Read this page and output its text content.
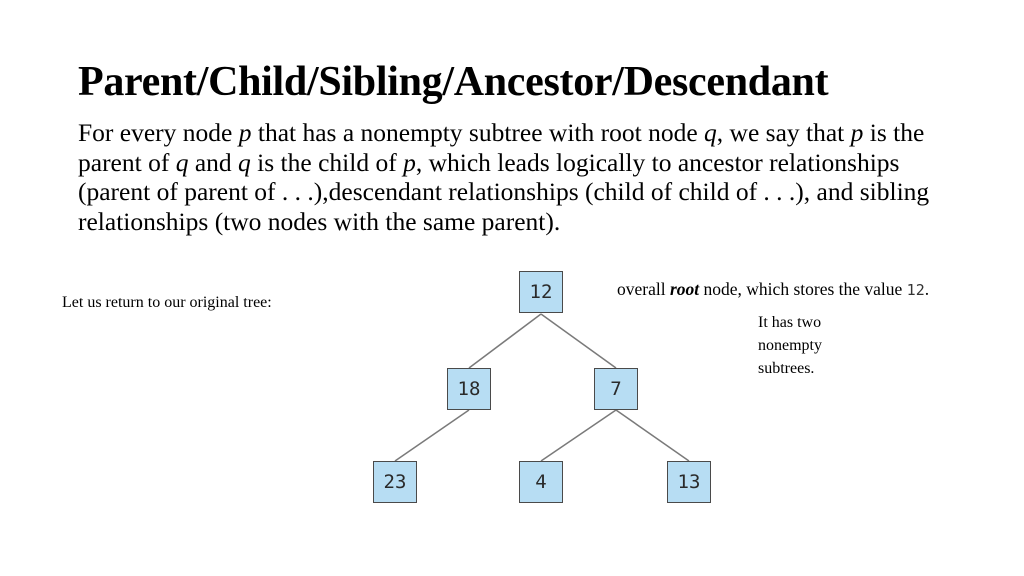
Parent/Child/Sibling/Ancestor/Descendant
For every node p that has a nonempty subtree with root node q, we say that p is the parent of q and q is the child of p, which leads logically to ancestor relationships (parent of parent of . . .),descendant relationships (child of child of . . .), and sibling relationships (two nodes with the same parent).
Let us return to our original tree:
overall root node, which stores the value 12.
It has two nonempty subtrees.
12
18	7
23	4	13
